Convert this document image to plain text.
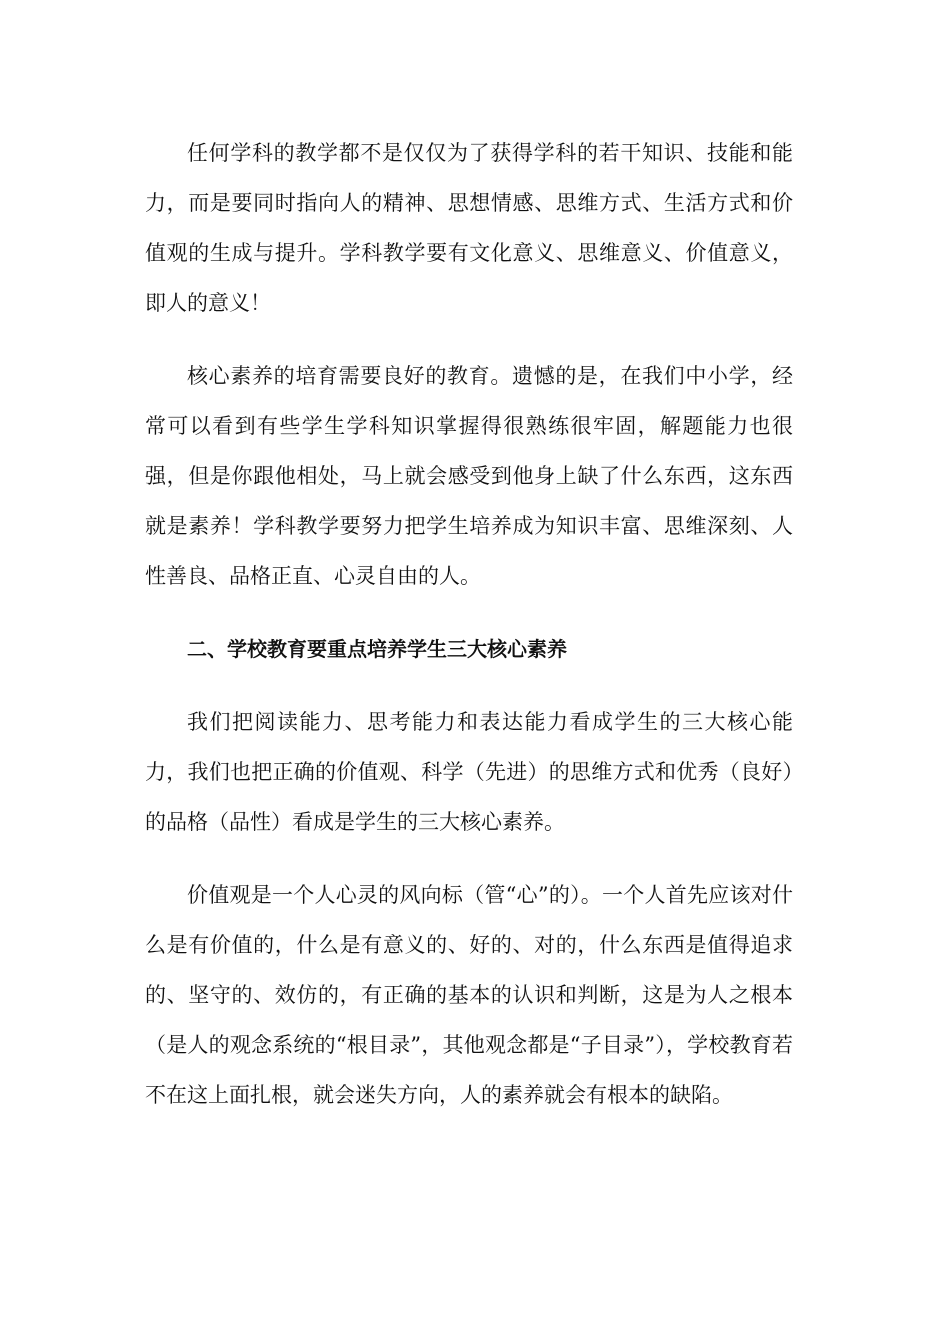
任何学科的教学都不是仅仅为了获得学科的若干知识、技能和能力，而是要同时指向人的精神、思想情感、思维方式、生活方式和价值观的生成与提升。学科教学要有文化意义、思维意义、价值意义，即人的意义！

核心素养的培育需要良好的教育。遗憾的是，在我们中小学，经常可以看到有些学生学科知识掌握得很熟练很牢固，解题能力也很强，但是你跟他相处，马上就会感受到他身上缺了什么东西，这东西就是素养！学科教学要努力把学生培养成为知识丰富、思维深刻、人性善良、品格正直、心灵自由的人。

二、学校教育要重点培养学生三大核心素养

我们把阅读能力、思考能力和表达能力看成学生的三大核心能力，我们也把正确的价值观、科学（先进）的思维方式和优秀（良好）的品格（品性）看成是学生的三大核心素养。

价值观是一个人心灵的风向标（管“心”的）。一个人首先应该对什么是有价值的，什么是有意义的、好的、对的，什么东西是值得追求的、坚守的、效仿的，有正确的基本的认识和判断，这是为人之根本（是人的观念系统的“根目录”，其他观念都是“子目录”），学校教育若不在这上面扎根，就会迷失方向，人的素养就会有根本的缺陷。
